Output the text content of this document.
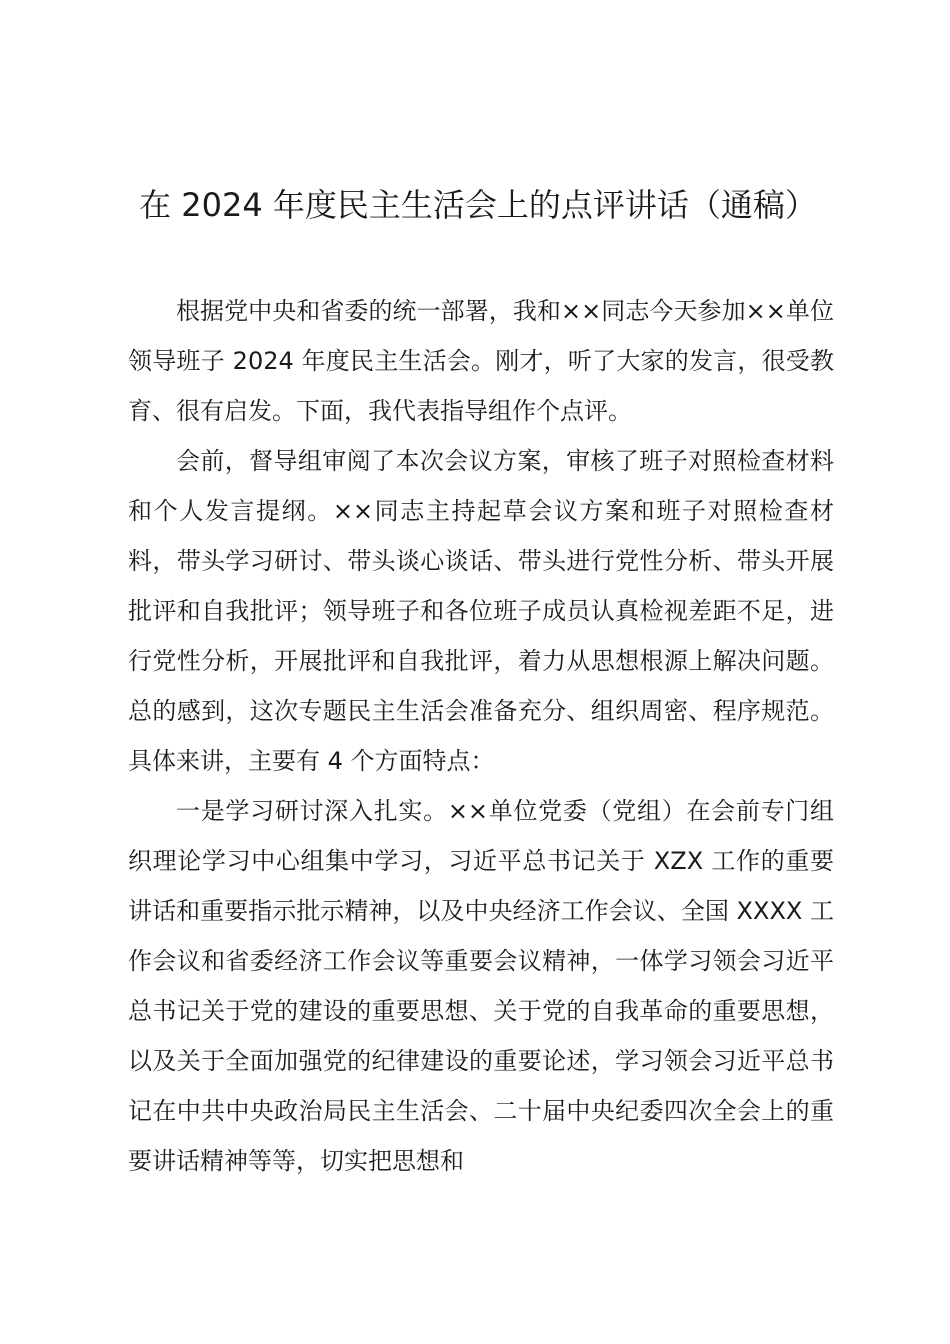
在 2024 年度民主生活会上的点评讲话（通稿）

根据党中央和省委的统一部署，我和××同志今天参加××单位领导班子 2024 年度民主生活会。刚才，听了大家的发言，很受教育、很有启发。下面，我代表指导组作个点评。

会前，督导组审阅了本次会议方案，审核了班子对照检查材料和个人发言提纲。××同志主持起草会议方案和班子对照检查材料，带头学习研讨、带头谈心谈话、带头进行党性分析、带头开展批评和自我批评；领导班子和各位班子成员认真检视差距不足，进行党性分析，开展批评和自我批评，着力从思想根源上解决问题。总的感到，这次专题民主生活会准备充分、组织周密、程序规范。具体来讲，主要有 4 个方面特点：

一是学习研讨深入扎实。××单位党委（党组）在会前专门组织理论学习中心组集中学习，习近平总书记关于 XZX 工作的重要讲话和重要指示批示精神，以及中央经济工作会议、全国 XXXX 工作会议和省委经济工作会议等重要会议精神，一体学习领会习近平总书记关于党的建设的重要思想、关于党的自我革命的重要思想，以及关于全面加强党的纪律建设的重要论述，学习领会习近平总书记在中共中央政治局民主生活会、二十届中央纪委四次全会上的重要讲话精神等等，切实把思想和
